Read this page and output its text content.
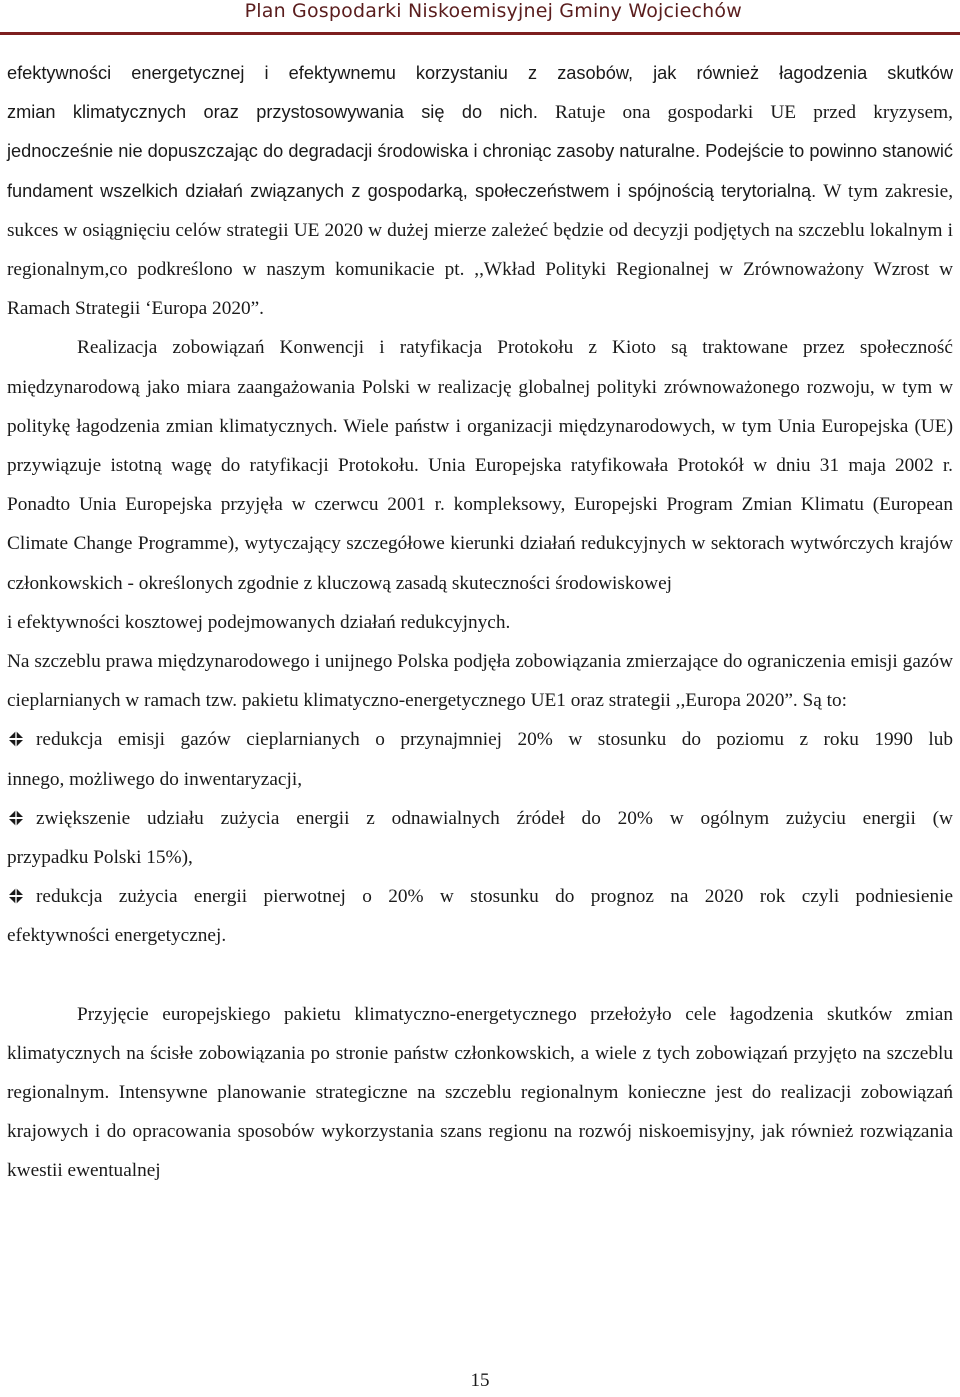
Plan Gospodarki Niskoemisyjnej Gminy Wojciechów

efektywności energetycznej i efektywnemu korzystaniu z zasobów, jak również łagodzenia skutków

zmian klimatycznych oraz przystosowywania się do nich. Ratuje ona gospodarki UE przed kryzysem,

jednocześnie nie dopuszczając do degradacji środowiska i chroniąc zasoby naturalne. Podejście to powinno stanowić fundament wszelkich działań związanych z gospodarką, społeczeństwem i spójnością terytorialną. W tym zakresie, sukces w osiągnięciu celów strategii UE 2020 w dużej mierze zależeć będzie od decyzji podjętych na szczeblu lokalnym i regionalnym,co podkreślono w naszym komunikacie pt. ,,Wkład Polityki Regionalnej w Zrównoważony Wzrost w Ramach Strategii ‘Europa 2020”.

Realizacja zobowiązań Konwencji i ratyfikacja Protokołu z Kioto są traktowane przez społeczność międzynarodową jako miara zaangażowania Polski w realizację globalnej polityki zrównoważonego rozwoju, w tym w politykę łagodzenia zmian klimatycznych. Wiele państw i organizacji międzynarodowych, w tym Unia Europejska (UE) przywiązuje istotną wagę do ratyfikacji Protokołu. Unia Europejska ratyfikowała Protokół w dniu 31 maja 2002 r. Ponadto Unia Europejska przyjęła w czerwcu 2001 r. kompleksowy, Europejski Program Zmian Klimatu (European Climate Change Programme), wytyczający szczegółowe kierunki działań redukcyjnych w sektorach wytwórczych krajów członkowskich - określonych zgodnie z kluczową zasadą skuteczności środowiskowej

i efektywności kosztowej podejmowanych działań redukcyjnych.

Na szczeblu prawa międzynarodowego i unijnego Polska podjęła zobowiązania zmierzające do ograniczenia emisji gazów cieplarnianych w ramach tzw. pakietu klimatyczno-energetycznego UE1 oraz strategii ,,Europa 2020”. Są to:

redukcja emisji gazów cieplarnianych o przynajmniej 20% w stosunku do poziomu z roku 1990 lub

innego, możliwego do inwentaryzacji,

zwiększenie udziału zużycia energii z odnawialnych źródeł do 20% w ogólnym zużyciu energii (w

przypadku Polski 15%),

redukcja zużycia energii pierwotnej o 20% w stosunku do prognoz na 2020 rok czyli podniesienie

efektywności energetycznej.

Przyjęcie europejskiego pakietu klimatyczno-energetycznego przełożyło cele łagodzenia skutków zmian klimatycznych na ścisłe zobowiązania po stronie państw członkowskich, a wiele z tych zobowiązań przyjęto na szczeblu regionalnym. Intensywne planowanie strategiczne na szczeblu regionalnym konieczne jest do realizacji zobowiązań krajowych i do opracowania sposobów wykorzystania szans regionu na rozwój niskoemisyjny, jak również rozwiązania kwestii ewentualnej

15
